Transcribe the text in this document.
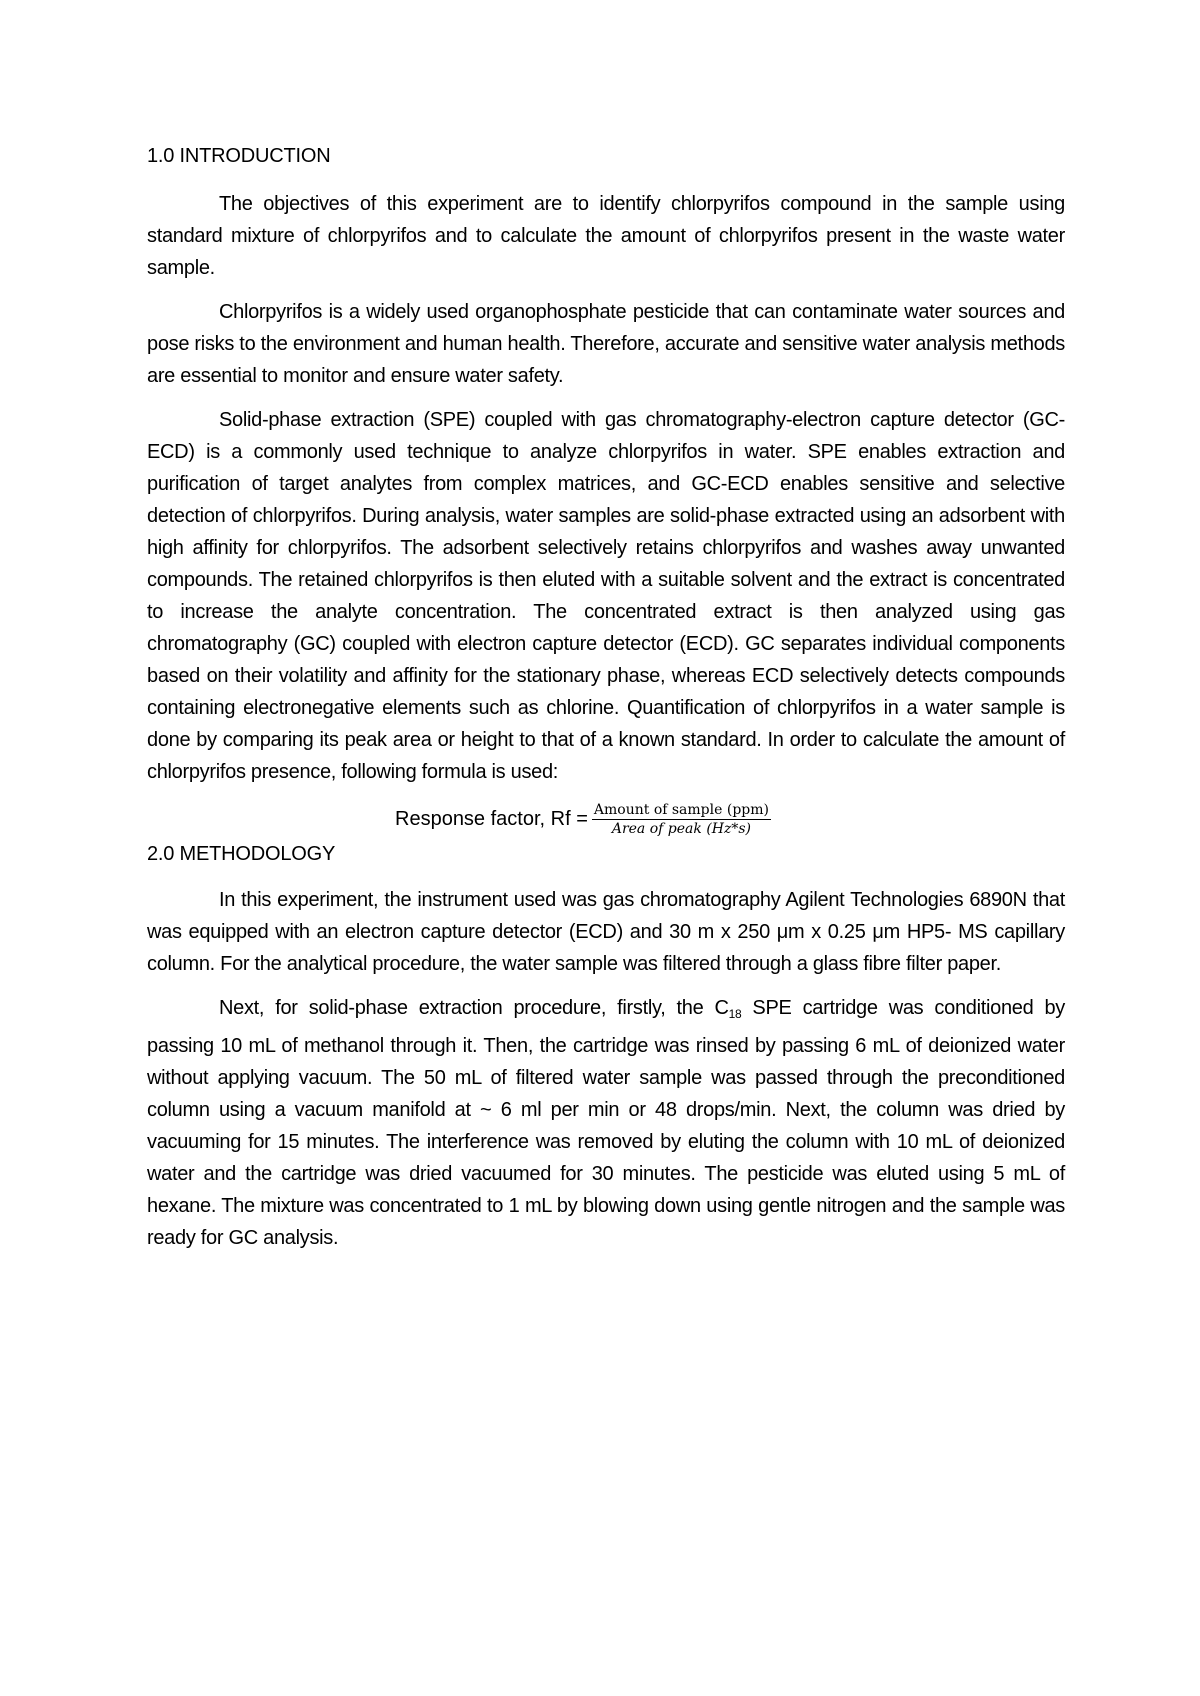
1.0 INTRODUCTION

The objectives of this experiment are to identify chlorpyrifos compound in the sample using standard mixture of chlorpyrifos and to calculate the amount of chlorpyrifos present in the waste water sample.

Chlorpyrifos is a widely used organophosphate pesticide that can contaminate water sources and pose risks to the environment and human health. Therefore, accurate and sensitive water analysis methods are essential to monitor and ensure water safety.

Solid-phase extraction (SPE) coupled with gas chromatography-electron capture detector (GC-ECD) is a commonly used technique to analyze chlorpyrifos in water. SPE enables extraction and purification of target analytes from complex matrices, and GC-ECD enables sensitive and selective detection of chlorpyrifos. During analysis, water samples are solid-phase extracted using an adsorbent with high affinity for chlorpyrifos. The adsorbent selectively retains chlorpyrifos and washes away unwanted compounds. The retained chlorpyrifos is then eluted with a suitable solvent and the extract is concentrated to increase the analyte concentration. The concentrated extract is then analyzed using gas chromatography (GC) coupled with electron capture detector (ECD). GC separates individual components based on their volatility and affinity for the stationary phase, whereas ECD selectively detects compounds containing electronegative elements such as chlorine. Quantification of chlorpyrifos in a water sample is done by comparing its peak area or height to that of a known standard. In order to calculate the amount of chlorpyrifos presence, following formula is used:

Response factor, $Rf = \frac{\text{Amount of sample (ppm)}}{\text{Area of peak (Hz*s)}}$
2.0 METHODOLOGY

In this experiment, the instrument used was gas chromatography Agilent Technologies 6890N that was equipped with an electron capture detector (ECD) and 30 m x 250 μm x 0.25 μm HP5- MS capillary column. For the analytical procedure, the water sample was filtered through a glass fibre filter paper.

Next, for solid-phase extraction procedure, firstly, the $C_{18}$ SPE cartridge was conditioned by passing 10 mL of methanol through it. Then, the cartridge was rinsed by passing 6 mL of deionized water without applying vacuum. The 50 mL of filtered water sample was passed through the preconditioned column using a vacuum manifold at ~ 6 ml per min or 48 drops/min. Next, the column was dried by vacuuming for 15 minutes. The interference was removed by eluting the column with 10 mL of deionized water and the cartridge was dried vacuumed for 30 minutes. The pesticide was eluted using 5 mL of hexane. The mixture was concentrated to 1 mL by blowing down using gentle nitrogen and the sample was ready for GC analysis.
